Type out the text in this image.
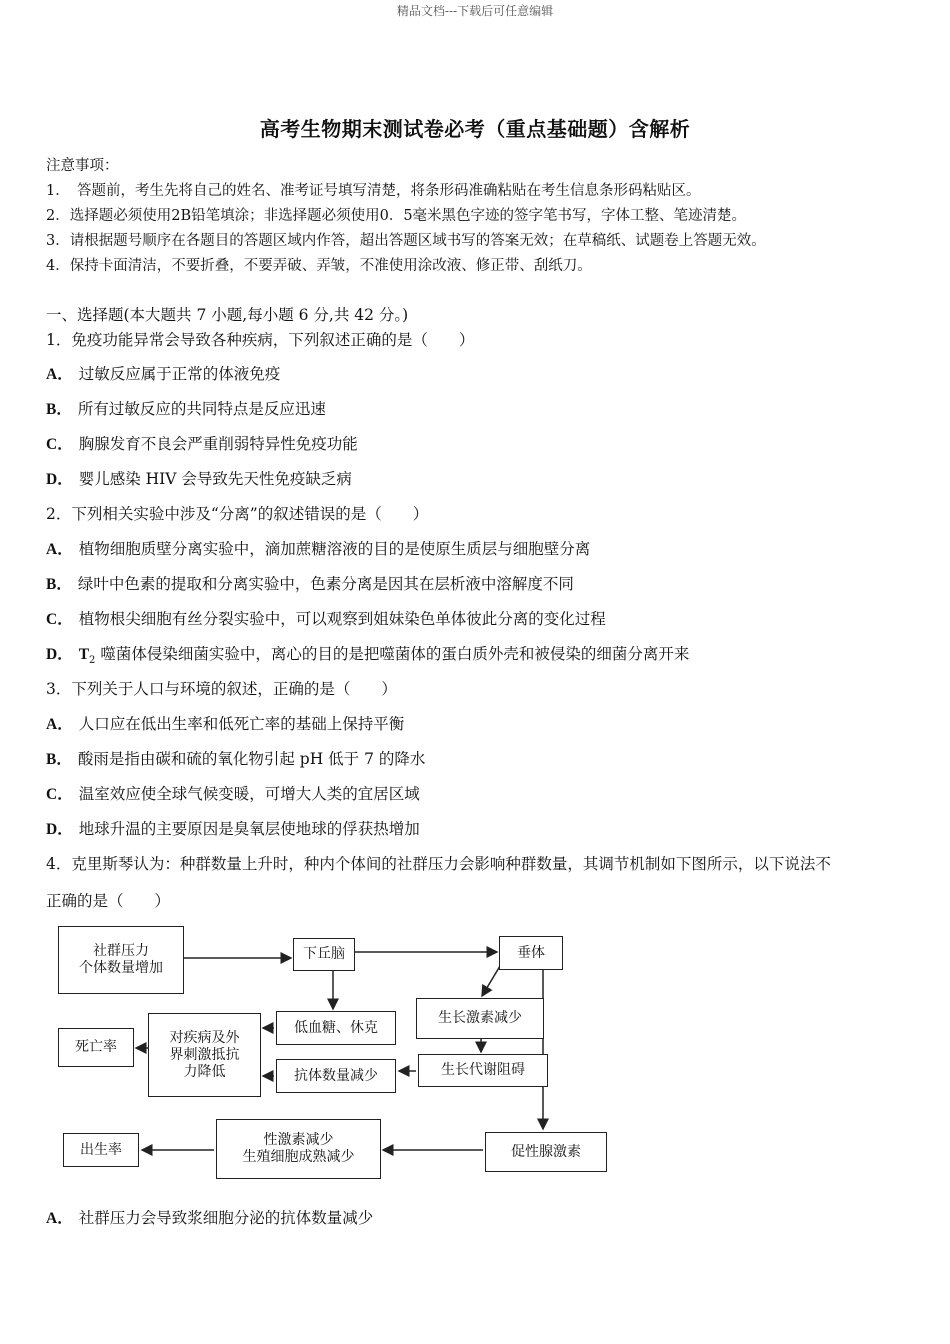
精品文档---下载后可任意编辑
高考生物期末测试卷必考（重点基础题）含解析
注意事项：
1．　答题前，考生先将自己的姓名、准考证号填写清楚，将条形码准确粘贴在考生信息条形码粘贴区。
2．选择题必须使用2B铅笔填涂；非选择题必须使用0．5毫米黑色字迹的签字笔书写，字体工整、笔迹清楚。
3．请根据题号顺序在各题目的答题区域内作答，超出答题区域书写的答案无效；在草稿纸、试题卷上答题无效。
4．保持卡面清洁，不要折叠，不要弄破、弄皱，不准使用涂改液、修正带、刮纸刀。
一、选择题(本大题共 7 小题,每小题 6 分,共 42 分。)
1．免疫功能异常会导致各种疾病，下列叙述正确的是（　　）
A． 过敏反应属于正常的体液免疫
B． 所有过敏反应的共同特点是反应迅速
C． 胸腺发育不良会严重削弱特异性免疫功能
D． 婴儿感染 HIV 会导致先天性免疫缺乏病
2．下列相关实验中涉及“分离”的叙述错误的是（　　）
A． 植物细胞质壁分离实验中，滴加蔗糖溶液的目的是使原生质层与细胞壁分离
B． 绿叶中色素的提取和分离实验中，色素分离是因其在层析液中溶解度不同
C． 植物根尖细胞有丝分裂实验中，可以观察到姐妹染色单体彼此分离的变化过程
D． $T_2$ 噬菌体侵染细菌实验中，离心的目的是把噬菌体的蛋白质外壳和被侵染的细菌分离开来
3．下列关于人口与环境的叙述，正确的是（　　）
A． 人口应在低出生率和低死亡率的基础上保持平衡
B． 酸雨是指由碳和硫的氧化物引起 pH 低于 7 的降水
C． 温室效应使全球气候变暖，可增大人类的宜居区域
D． 地球升温的主要原因是臭氧层使地球的俘获热增加
4．克里斯琴认为：种群数量上升时，种内个体间的社群压力会影响种群数量，其调节机制如下图所示，以下说法不
正确的是（　　）
社群压力
个体数量增加
下丘脑	垂体
低血糖、休克
生长激素减少
对疾病及外
界刺激抵抗
力降低
死亡率
抗体数量减少	生长代谢阻碍
性激素减少
生殖细胞成熟减少
出生率	促性腺激素
A． 社群压力会导致浆细胞分泌的抗体数量减少
